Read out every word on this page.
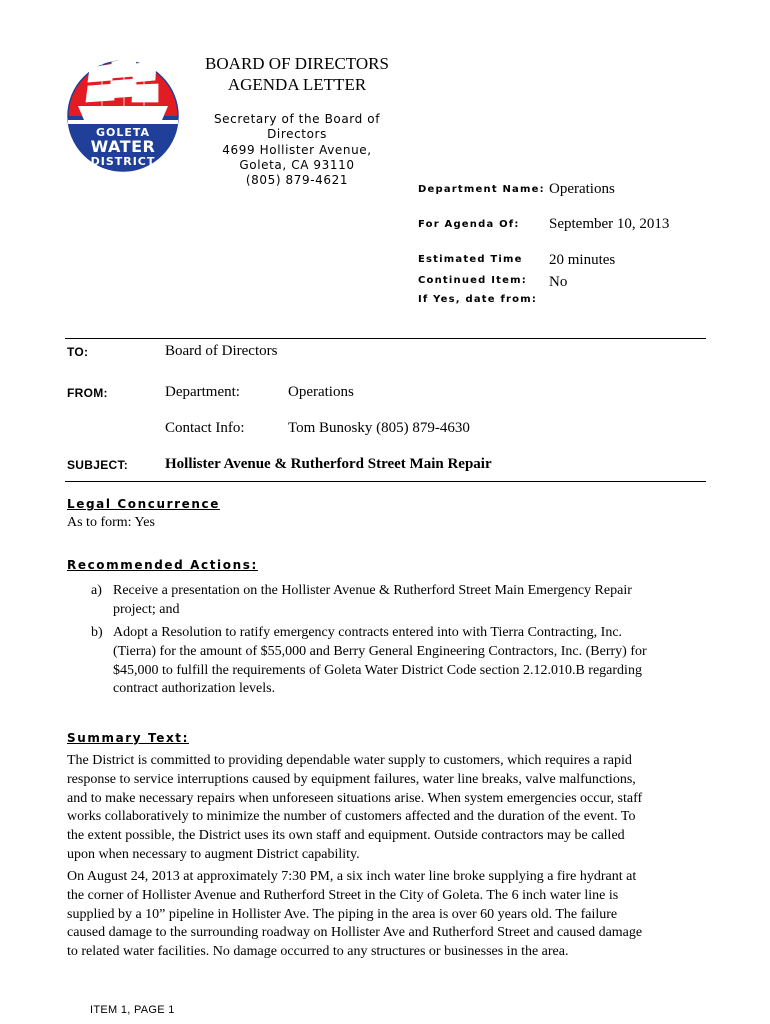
GOLETA
WATER
DISTRICT
BOARD OF DIRECTORS
AGENDA LETTER
Secretary of the Board of
Directors
4699 Hollister Avenue,
Goleta, CA 93110
(805) 879-4621
Department Name: Operations
For Agenda Of: September 10, 2013
Estimated Time 20 minutes
Continued Item: No
If Yes, date from:
TO:	Board of Directors
FROM:	Department:	Operations
Contact Info:	Tom Bunosky (805) 879-4630
SUBJECT: Hollister Avenue & Rutherford Street Main Repair
Legal Concurrence
As to form: Yes
Recommended Actions:
a) Receive a presentation on the Hollister Avenue & Rutherford Street Main Emergency Repair
project; and
b) Adopt a Resolution to ratify emergency contracts entered into with Tierra Contracting, Inc.
(Tierra) for the amount of $55,000 and Berry General Engineering Contractors, Inc. (Berry) for
$45,000 to fulfill the requirements of Goleta Water District Code section 2.12.010.B regarding
contract authorization levels.
Summary Text:
The District is committed to providing dependable water supply to customers, which requires a rapid
response to service interruptions caused by equipment failures, water line breaks, valve malfunctions,
and to make necessary repairs when unforeseen situations arise. When system emergencies occur, staff
works collaboratively to minimize the number of customers affected and the duration of the event. To
the extent possible, the District uses its own staff and equipment. Outside contractors may be called
upon when necessary to augment District capability.
On August 24, 2013 at approximately 7:30 PM, a six inch water line broke supplying a fire hydrant at
the corner of Hollister Avenue and Rutherford Street in the City of Goleta. The 6 inch water line is
supplied by a 10” pipeline in Hollister Ave. The piping in the area is over 60 years old. The failure
caused damage to the surrounding roadway on Hollister Ave and Rutherford Street and caused damage
to related water facilities. No damage occurred to any structures or businesses in the area.
ITEM 1, PAGE 1
